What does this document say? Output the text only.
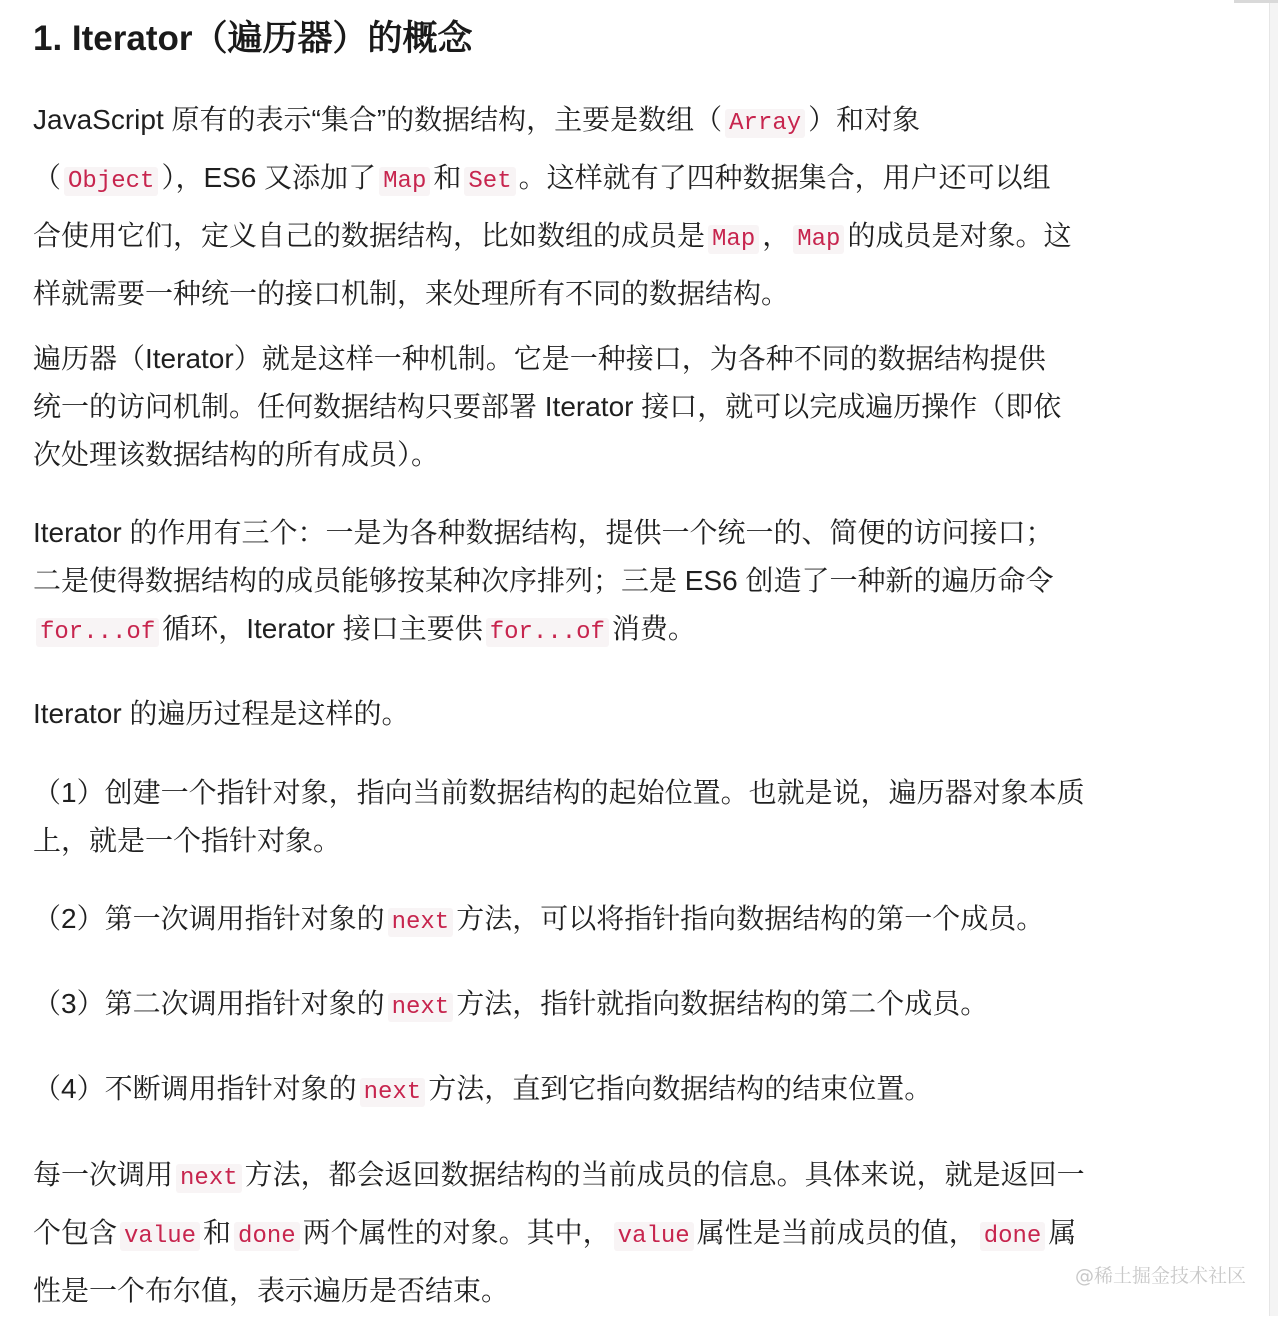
1. Iterator（遍历器）的概念
JavaScript 原有的表示“集合”的数据结构，主要是数组（ Array ）和对象
（ Object ），ES6 又添加了 Map 和 Set 。这样就有了四种数据集合，用户还可以组
合使用它们，定义自己的数据结构，比如数组的成员是 Map ， Map 的成员是对象。这
样就需要一种统一的接口机制，来处理所有不同的数据结构。
遍历器（Iterator）就是这样一种机制。它是一种接口，为各种不同的数据结构提供
统一的访问机制。任何数据结构只要部署 Iterator 接口，就可以完成遍历操作（即依
次处理该数据结构的所有成员）。
Iterator 的作用有三个：一是为各种数据结构，提供一个统一的、简便的访问接口；
二是使得数据结构的成员能够按某种次序排列；三是 ES6 创造了一种新的遍历命令
for...of 循环，Iterator 接口主要供 for...of 消费。
Iterator 的遍历过程是这样的。
（1）创建一个指针对象，指向当前数据结构的起始位置。也就是说，遍历器对象本质
上，就是一个指针对象。
（2）第一次调用指针对象的 next 方法，可以将指针指向数据结构的第一个成员。
（3）第二次调用指针对象的 next 方法，指针就指向数据结构的第二个成员。
（4）不断调用指针对象的 next 方法，直到它指向数据结构的结束位置。
每一次调用 next 方法，都会返回数据结构的当前成员的信息。具体来说，就是返回一
个包含 value 和 done 两个属性的对象。其中， value 属性是当前成员的值， done 属
性是一个布尔值，表示遍历是否结束。	@稀土掘金技术社区
